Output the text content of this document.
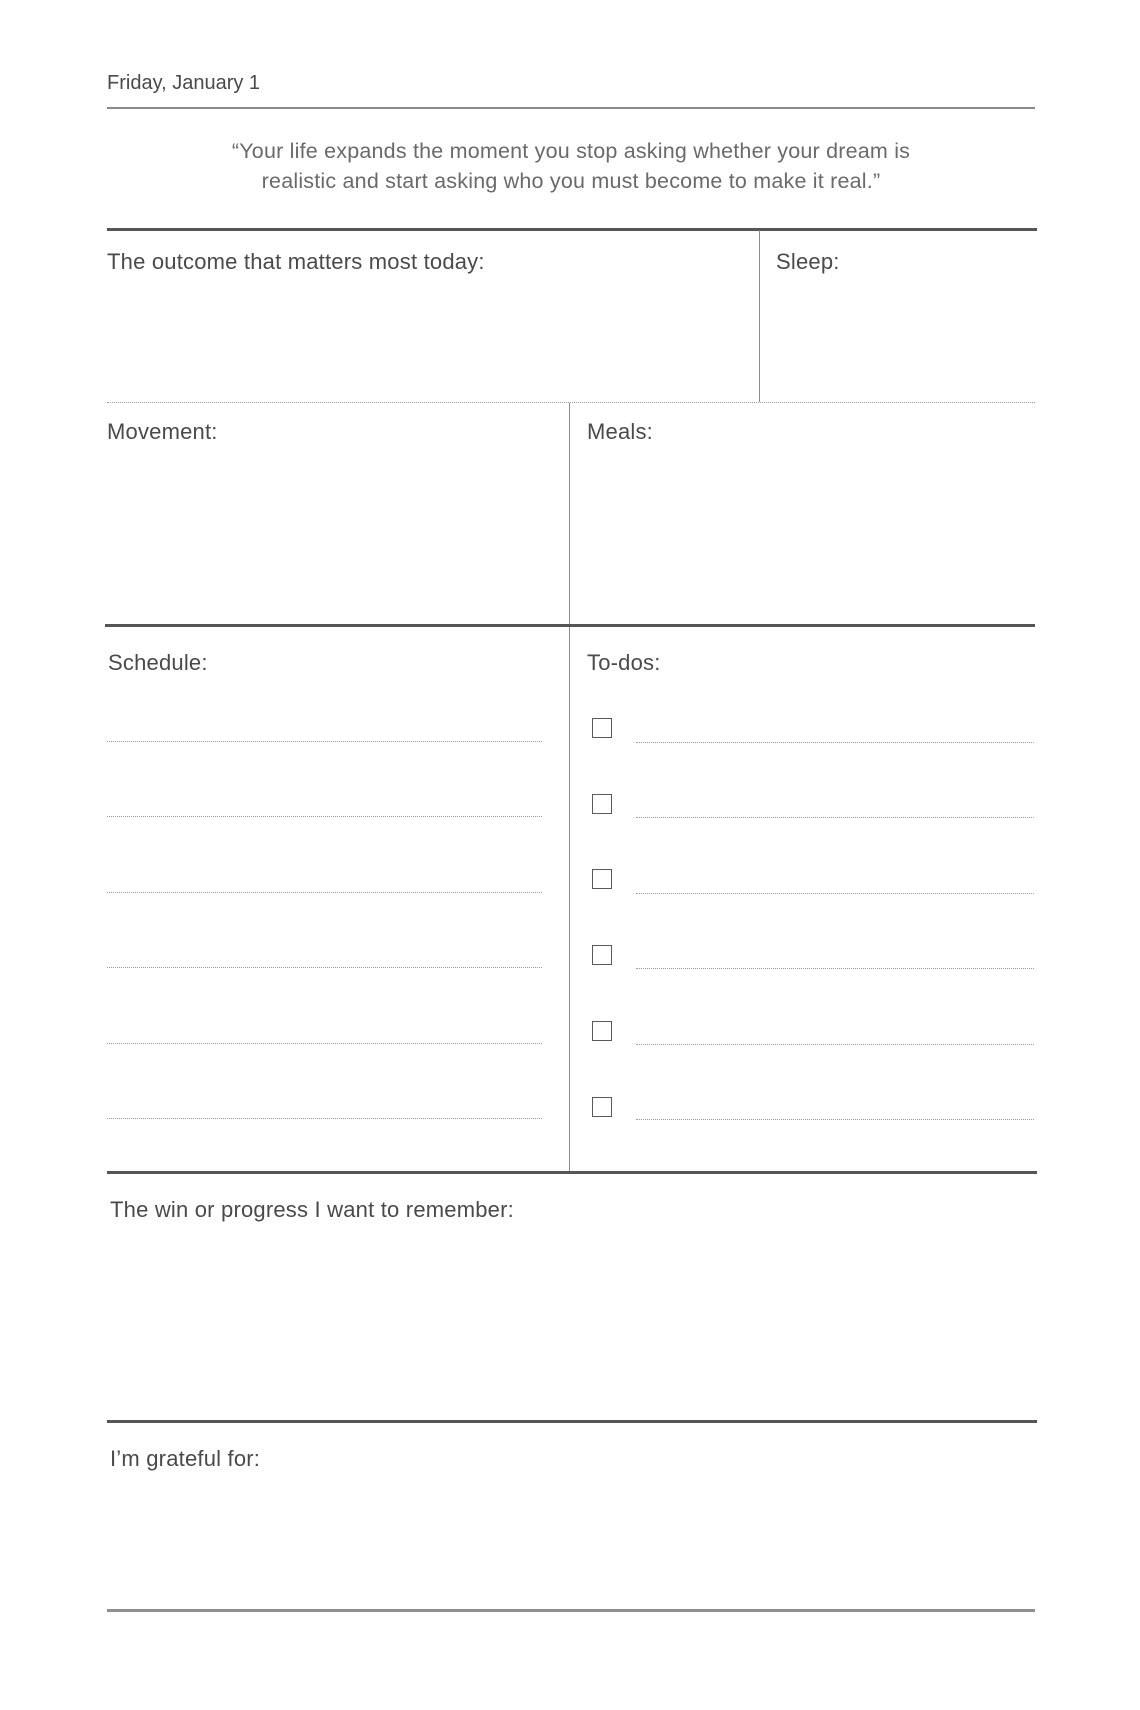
Friday, January 1
“Your life expands the moment you stop asking whether your dream is
realistic and start asking who you must become to make it real.”
The outcome that matters most today:	Sleep:
Movement:	Meals:
Schedule:	To-dos:
The win or progress I want to remember:
I’m grateful for:
